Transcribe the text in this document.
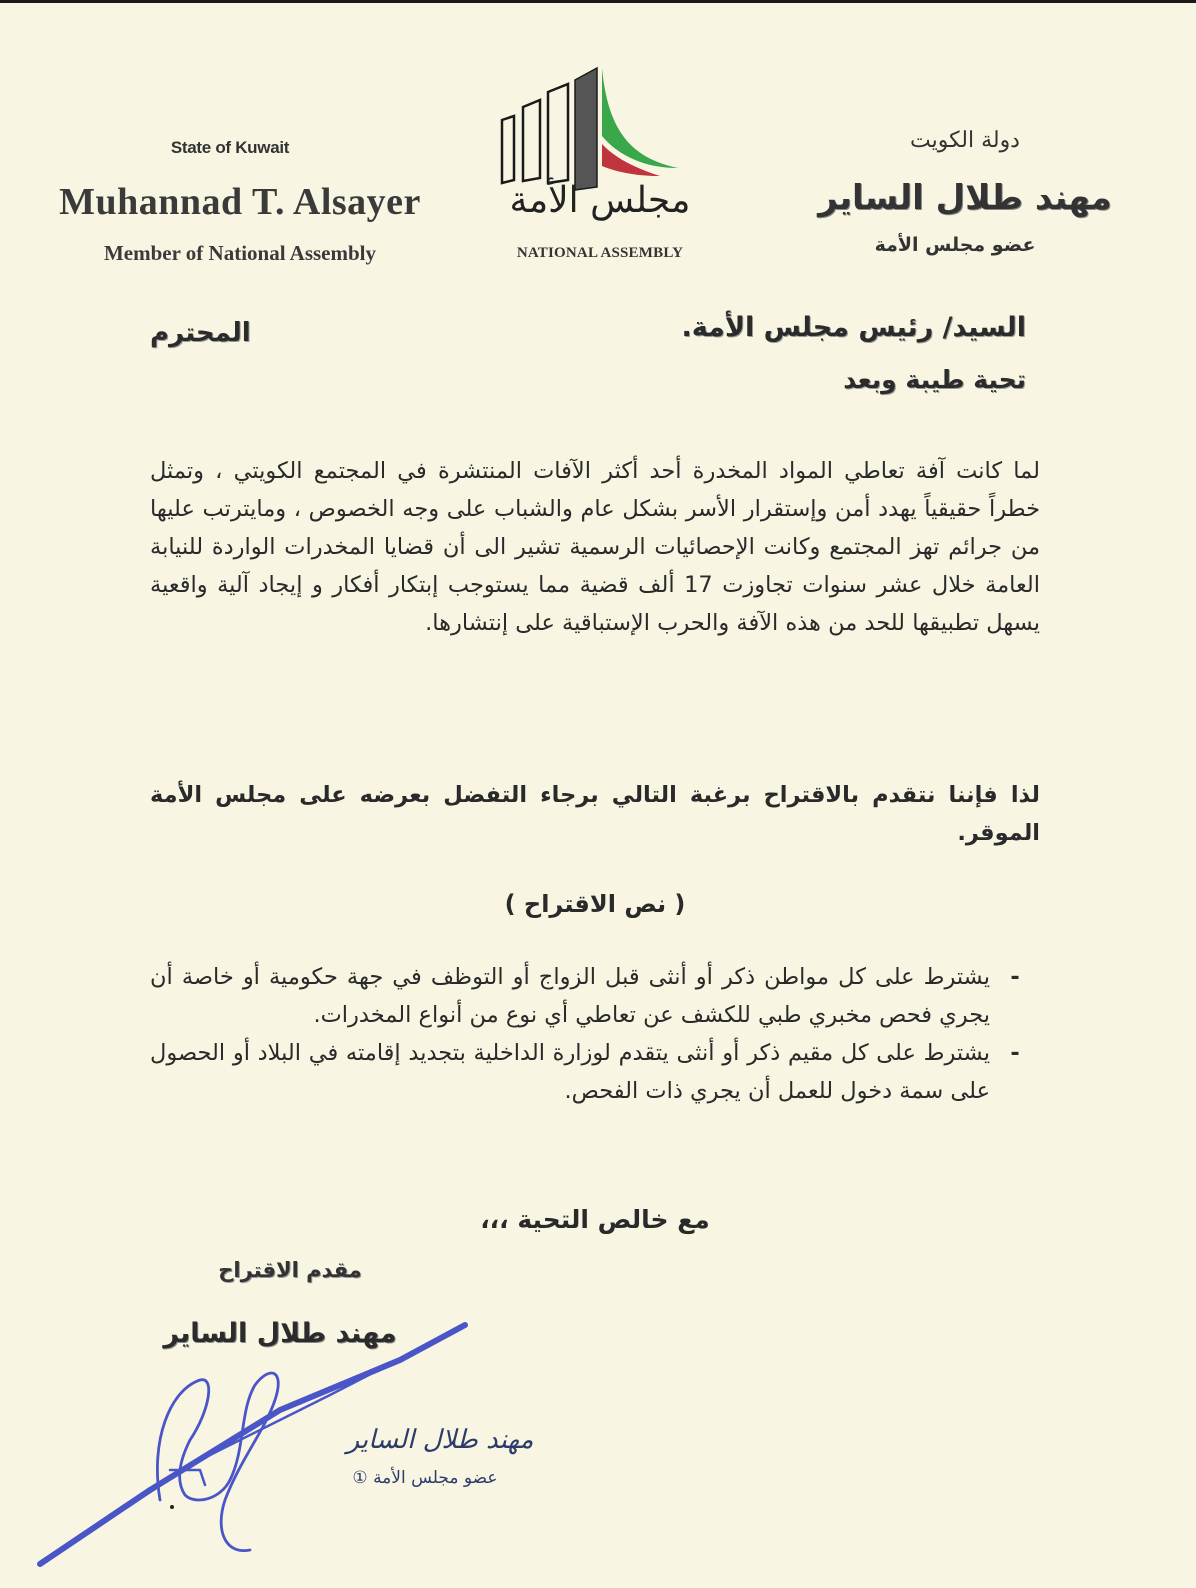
State of Kuwait
Muhannad T. Alsayer
Member of National Assembly
مجلس الأمة
NATIONAL ASSEMBLY
دولة الكويت
مهند طلال الساير
عضو مجلس الأمة
السيد/ رئيس مجلس الأمة.
المحترم
تحية طيبة وبعد
لما كانت آفة تعاطي المواد المخدرة أحد أكثر الآفات المنتشرة في المجتمع الكويتي ، وتمثل خطراً حقيقياً يهدد أمن وإستقرار الأسر بشكل عام والشباب على وجه الخصوص ، ومايترتب عليها من جرائم تهز المجتمع وكانت الإحصائيات الرسمية تشير الى أن قضايا المخدرات الواردة للنيابة العامة خلال عشر سنوات تجاوزت 17 ألف قضية مما يستوجب إبتكار أفكار و إيجاد آلية واقعية يسهل تطبيقها للحد من هذه الآفة والحرب الإستباقية على إنتشارها.
لذا فإننا نتقدم بالاقتراح برغبة التالي برجاء التفضل بعرضه على مجلس الأمة الموقر.
( نص الاقتراح )
-
يشترط على كل مواطن ذكر أو أنثى قبل الزواج أو التوظف في جهة حكومية أو خاصة أن يجري فحص مخبري طبي للكشف عن تعاطي أي نوع من أنواع المخدرات.
-
يشترط على كل مقيم ذكر أو أنثى يتقدم لوزارة الداخلية بتجديد إقامته في البلاد أو الحصول على سمة دخول للعمل أن يجري ذات الفحص.
مع خالص التحية ،،،
مقدم الاقتراح
مهند طلال الساير
مهند طلال الساير
عضو مجلس الأمة ①
